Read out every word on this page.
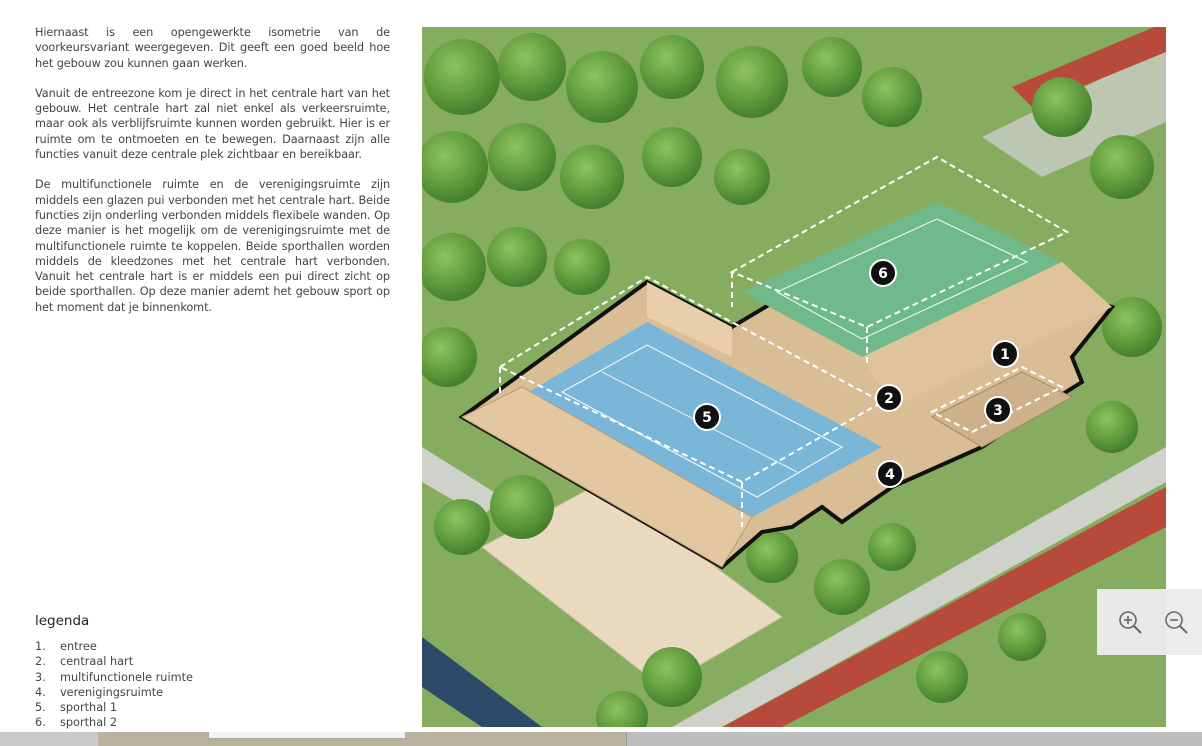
Hiernaast is een opengewerkte isometrie van de voorkeursvariant weergegeven. Dit geeft een goed beeld hoe het gebouw zou kunnen gaan werken.

Vanuit de entreezone kom je direct in het centrale hart van het gebouw. Het centrale hart zal niet enkel als verkeersruimte, maar ook als verblijfsruimte kunnen worden gebruikt. Hier is er ruimte om te ontmoeten en te bewegen. Daarnaast zijn alle functies vanuit deze centrale plek zichtbaar en bereikbaar.

De multifunctionele ruimte en de verenigingsruimte zijn middels een glazen pui verbonden met het centrale hart. Beide functies zijn onderling verbonden middels flexibele wanden. Op deze manier is het mogelijk om de verenigingsruimte met de multifunctionele ruimte te koppelen. Beide sporthallen worden middels de kleedzones met het centrale hart verbonden. Vanuit het centrale hart is er middels een pui direct zicht op beide sporthallen. Op deze manier ademt het gebouw sport op het moment dat je binnenkomt.

legenda
1.	entree
2.	centraal hart
3.	multifunctionele ruimte
4.	verenigingsruimte
5.	sporthal 1
6.	sporthal 2
1
2
3
4
5
6
